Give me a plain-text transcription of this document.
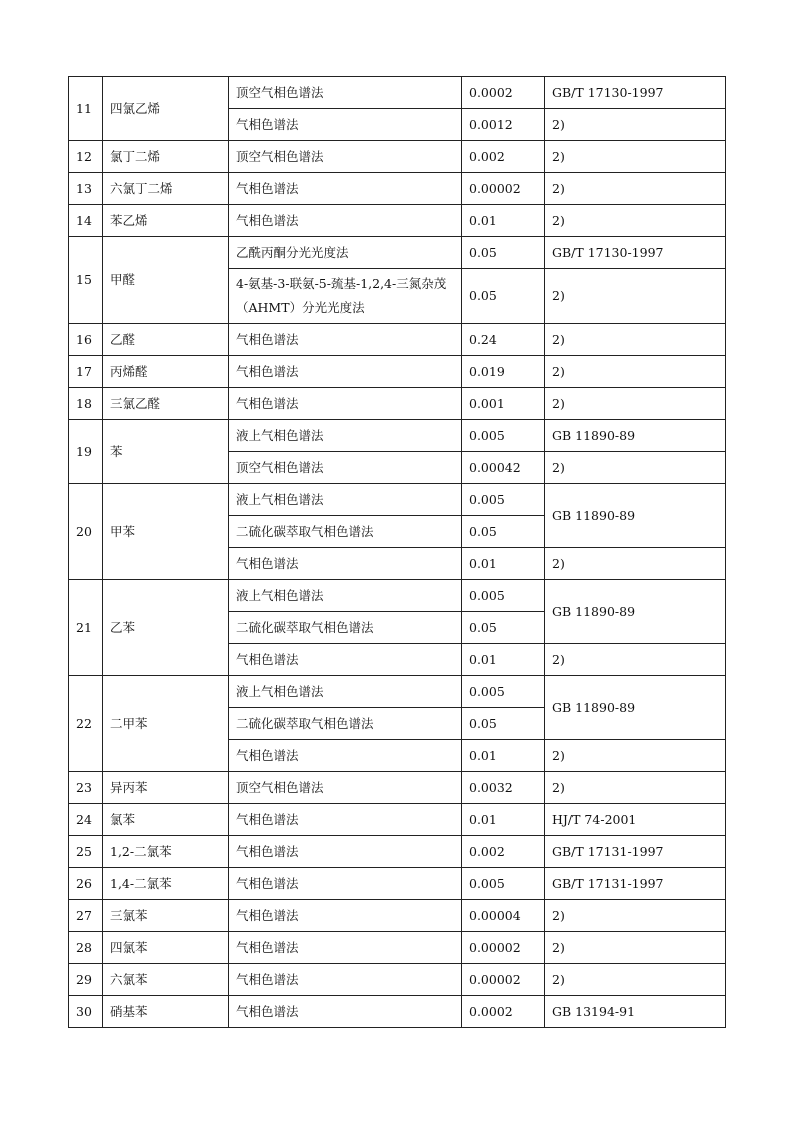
11	四氯乙烯	顶空气相色谱法	0.0002	GB/T 17130-1997
		气相色谱法	0.0012	2)
12	氯丁二烯	顶空气相色谱法	0.002	2)
13	六氯丁二烯	气相色谱法	0.00002	2)
14	苯乙烯	气相色谱法	0.01	2)
15	甲醛	乙酰丙酮分光光度法	0.05	GB/T 17130-1997
		4-氨基-3-联氨-5-巯基-1,2,4-三氮杂茂（AHMT）分光光度法	0.05	2)
16	乙醛	气相色谱法	0.24	2)
17	丙烯醛	气相色谱法	0.019	2)
18	三氯乙醛	气相色谱法	0.001	2)
19	苯	液上气相色谱法	0.005	GB 11890-89
		顶空气相色谱法	0.00042	2)
20	甲苯	液上气相色谱法	0.005	GB 11890-89
		二硫化碳萃取气相色谱法	0.05	
		气相色谱法	0.01	2)
21	乙苯	液上气相色谱法	0.005	GB 11890-89
		二硫化碳萃取气相色谱法	0.05	
		气相色谱法	0.01	2)
22	二甲苯	液上气相色谱法	0.005	GB 11890-89
		二硫化碳萃取气相色谱法	0.05	
		气相色谱法	0.01	2)
23	异丙苯	顶空气相色谱法	0.0032	2)
24	氯苯	气相色谱法	0.01	HJ/T 74-2001
25	1,2-二氯苯	气相色谱法	0.002	GB/T 17131-1997
26	1,4-二氯苯	气相色谱法	0.005	GB/T 17131-1997
27	三氯苯	气相色谱法	0.00004	2)
28	四氯苯	气相色谱法	0.00002	2)
29	六氯苯	气相色谱法	0.00002	2)
30	硝基苯	气相色谱法	0.0002	GB 13194-91
